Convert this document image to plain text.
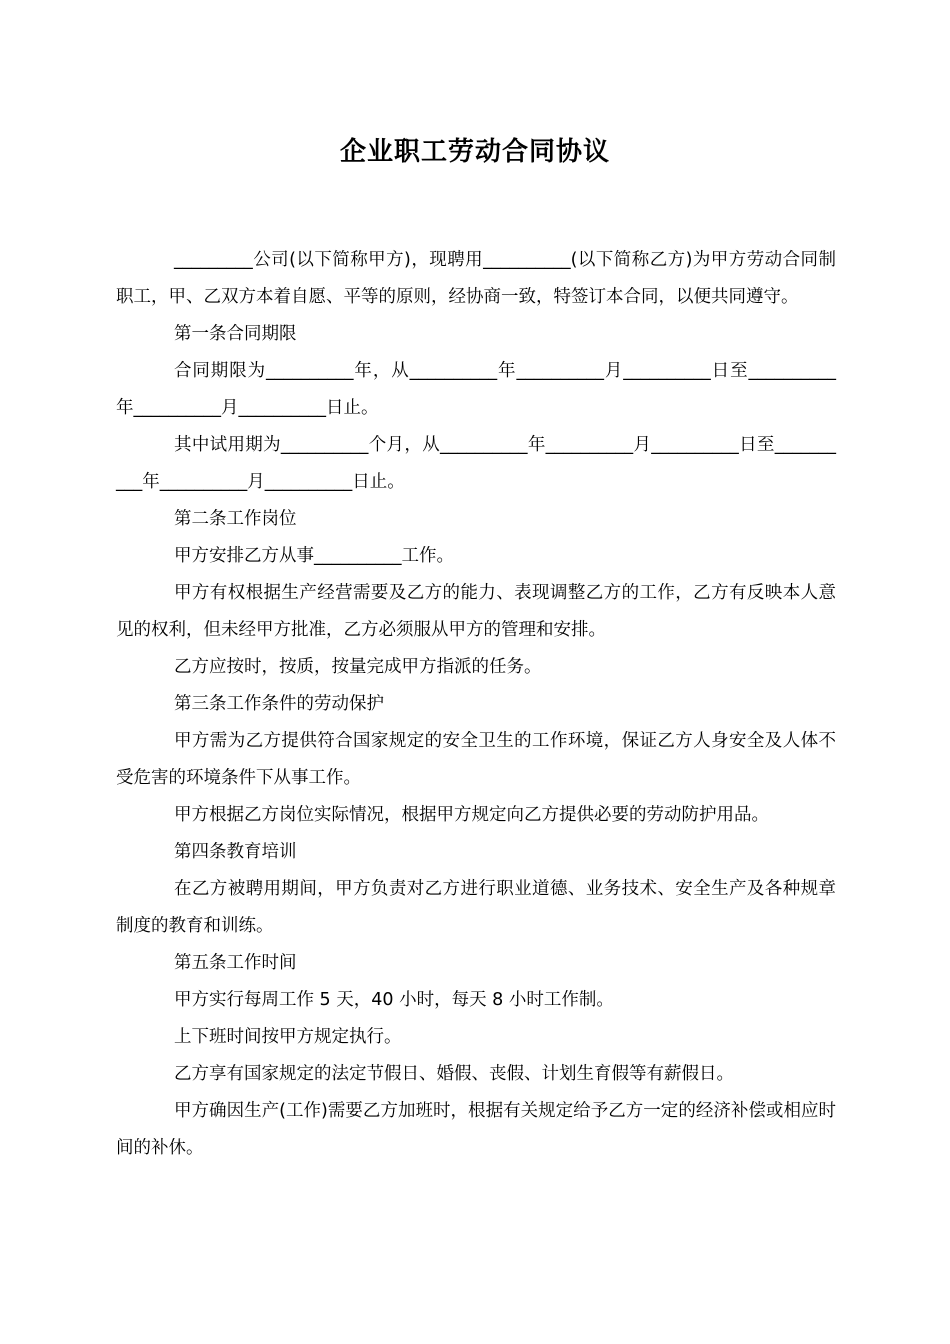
企业职工劳动合同协议

_________公司(以下简称甲方)，现聘用__________(以下简称乙方)为甲方劳动合同制职工，甲、乙双方本着自愿、平等的原则，经协商一致，特签订本合同，以便共同遵守。

第一条合同期限

合同期限为__________年，从__________年__________月__________日至__________年__________月__________日止。

其中试用期为__________个月，从__________年__________月__________日至__________年__________月__________日止。

第二条工作岗位

甲方安排乙方从事__________工作。

甲方有权根据生产经营需要及乙方的能力、表现调整乙方的工作，乙方有反映本人意见的权利，但未经甲方批准，乙方必须服从甲方的管理和安排。

乙方应按时，按质，按量完成甲方指派的任务。

第三条工作条件的劳动保护

甲方需为乙方提供符合国家规定的安全卫生的工作环境，保证乙方人身安全及人体不受危害的环境条件下从事工作。

甲方根据乙方岗位实际情况，根据甲方规定向乙方提供必要的劳动防护用品。

第四条教育培训

在乙方被聘用期间，甲方负责对乙方进行职业道德、业务技术、安全生产及各种规章制度的教育和训练。

第五条工作时间

甲方实行每周工作 5 天，40 小时，每天 8 小时工作制。

上下班时间按甲方规定执行。

乙方享有国家规定的法定节假日、婚假、丧假、计划生育假等有薪假日。

甲方确因生产(工作)需要乙方加班时，根据有关规定给予乙方一定的经济补偿或相应时间的补休。
